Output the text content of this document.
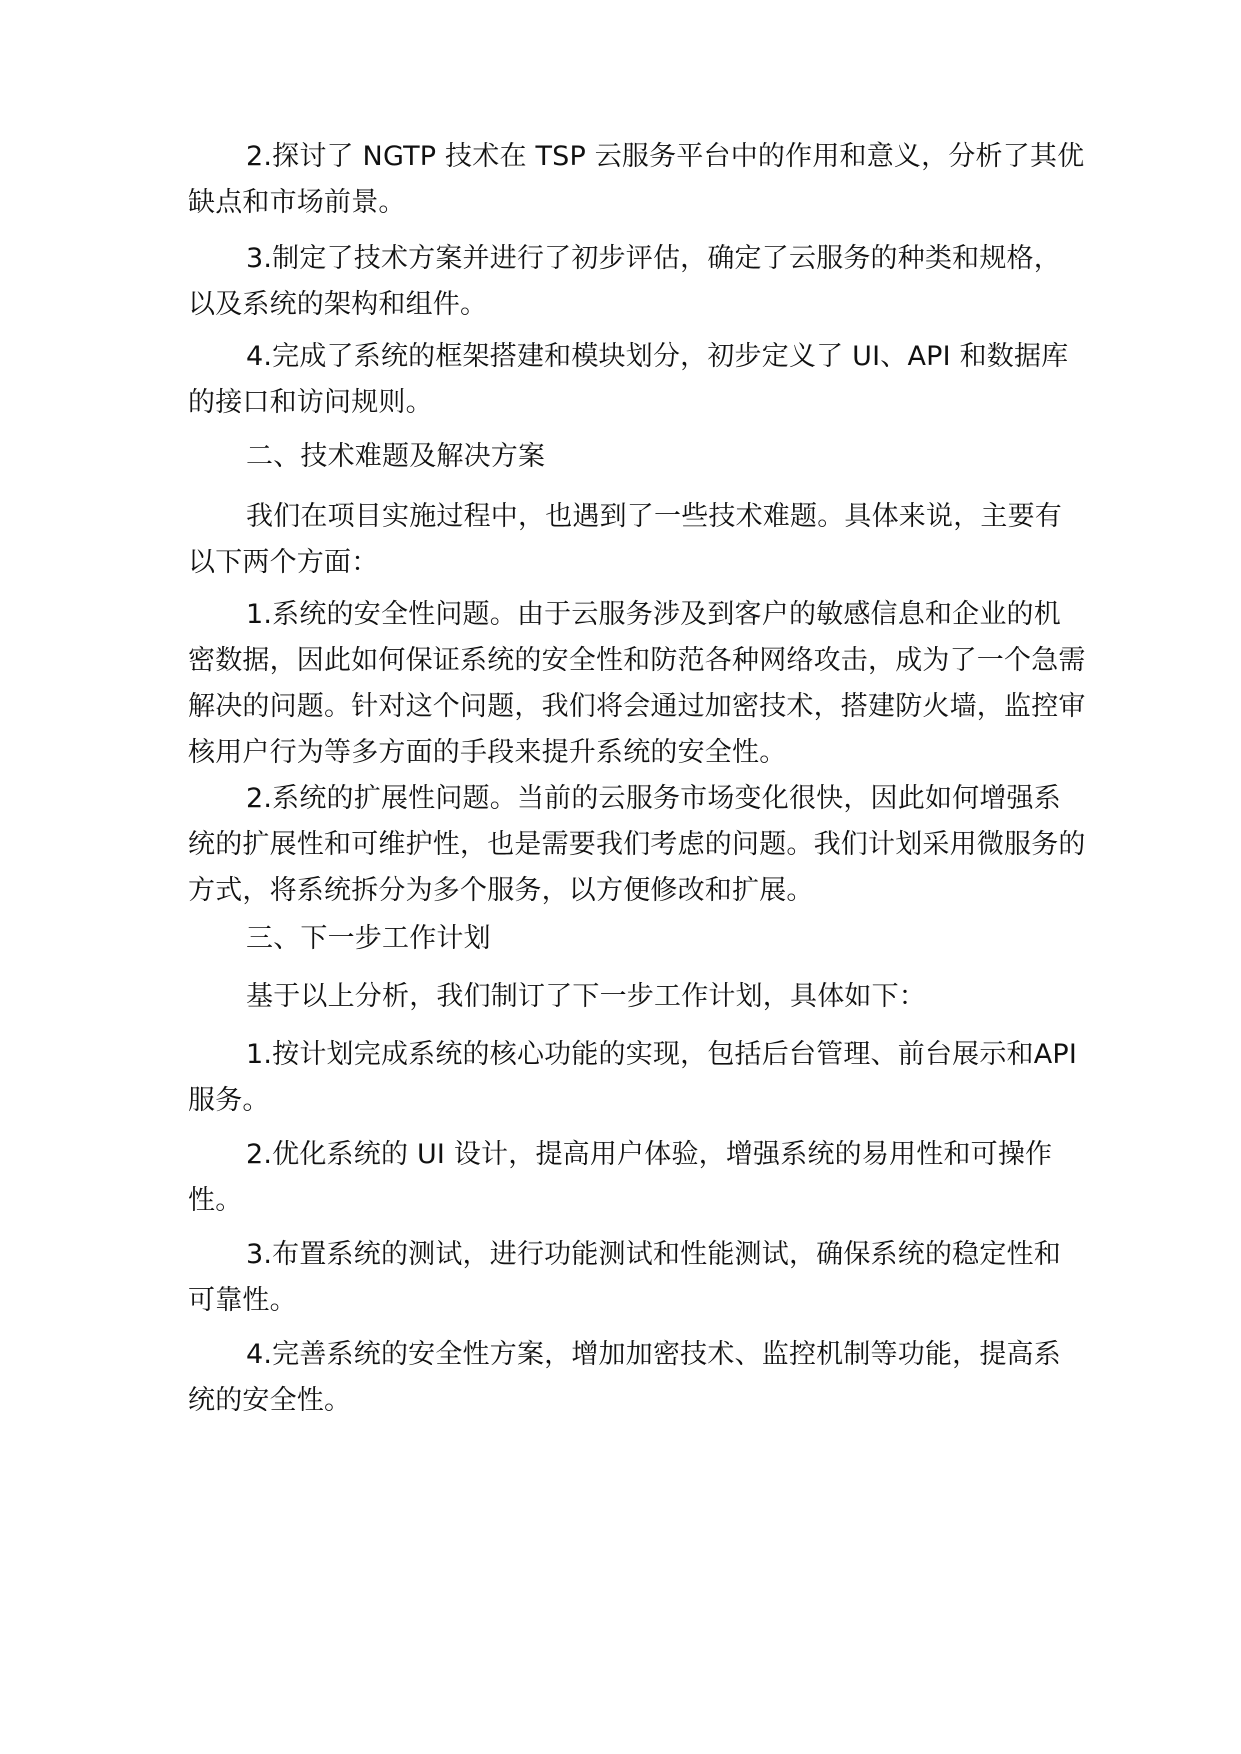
2.探讨了 NGTP 技术在 TSP 云服务平台中的作用和意义，分析了其优缺点和市场前景。

3.制定了技术方案并进行了初步评估，确定了云服务的种类和规格，以及系统的架构和组件。

4.完成了系统的框架搭建和模块划分，初步定义了 UI、API 和数据库的接口和访问规则。

二、技术难题及解决方案

我们在项目实施过程中，也遇到了一些技术难题。具体来说，主要有以下两个方面：

1.系统的安全性问题。由于云服务涉及到客户的敏感信息和企业的机密数据，因此如何保证系统的安全性和防范各种网络攻击，成为了一个急需解决的问题。针对这个问题，我们将会通过加密技术，搭建防火墙，监控审核用户行为等多方面的手段来提升系统的安全性。

2.系统的扩展性问题。当前的云服务市场变化很快，因此如何增强系统的扩展性和可维护性，也是需要我们考虑的问题。我们计划采用微服务的方式，将系统拆分为多个服务，以方便修改和扩展。

三、下一步工作计划

基于以上分析，我们制订了下一步工作计划，具体如下：

1.按计划完成系统的核心功能的实现，包括后台管理、前台展示和API 服务。

2.优化系统的 UI 设计，提高用户体验，增强系统的易用性和可操作性。

3.布置系统的测试，进行功能测试和性能测试，确保系统的稳定性和可靠性。

4.完善系统的安全性方案，增加加密技术、监控机制等功能，提高系统的安全性。
